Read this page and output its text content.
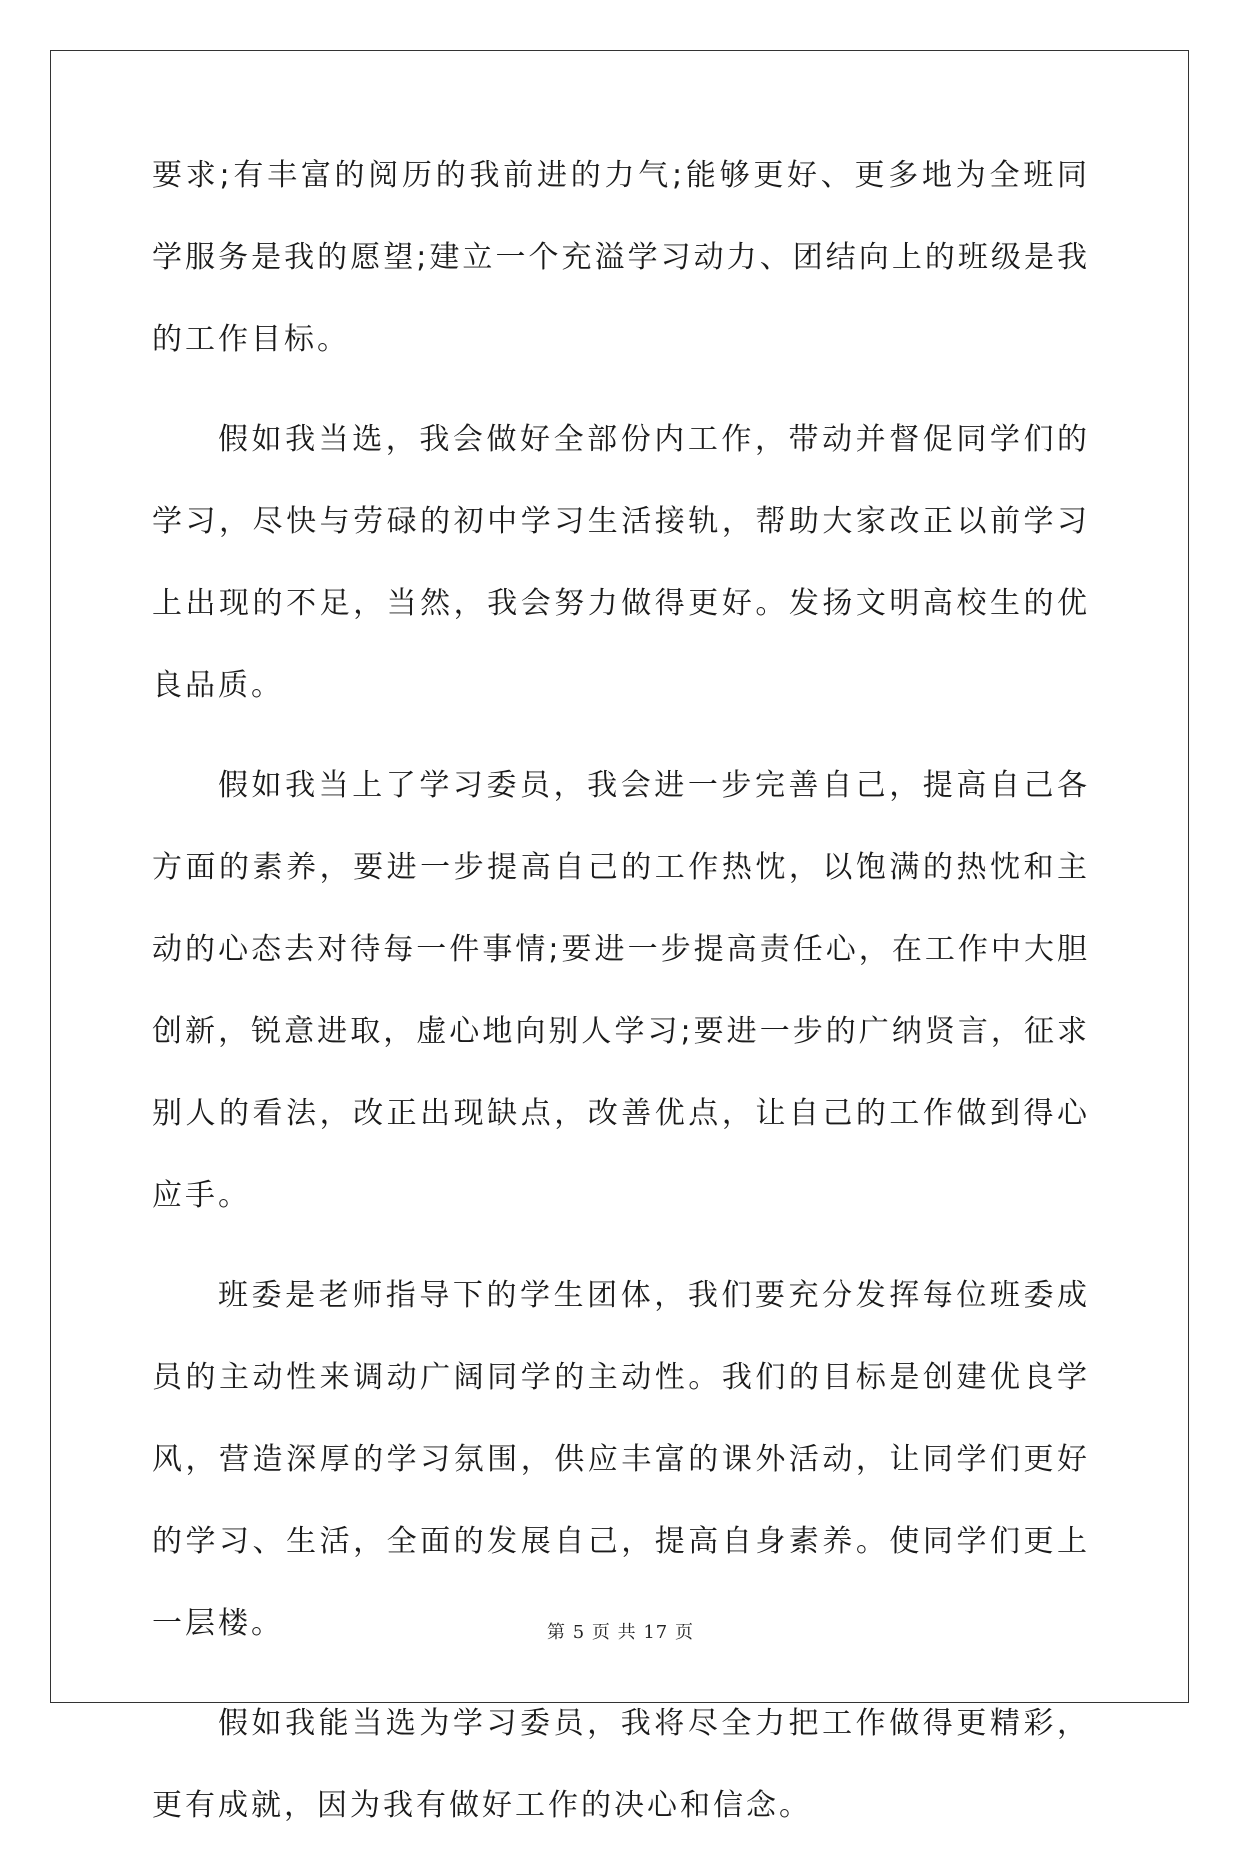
要求;有丰富的阅历的我前进的力气;能够更好、更多地为全班同学服务是我的愿望;建立一个充溢学习动力、团结向上的班级是我的工作目标。

假如我当选，我会做好全部份内工作，带动并督促同学们的学习，尽快与劳碌的初中学习生活接轨，帮助大家改正以前学习上出现的不足，当然，我会努力做得更好。发扬文明高校生的优良品质。

假如我当上了学习委员，我会进一步完善自己，提高自己各方面的素养，要进一步提高自己的工作热忱，以饱满的热忱和主动的心态去对待每一件事情;要进一步提高责任心，在工作中大胆创新，锐意进取，虚心地向别人学习;要进一步的广纳贤言，征求别人的看法，改正出现缺点，改善优点，让自己的工作做到得心应手。

班委是老师指导下的学生团体，我们要充分发挥每位班委成员的主动性来调动广阔同学的主动性。我们的目标是创建优良学风，营造深厚的学习氛围，供应丰富的课外活动，让同学们更好的学习、生活，全面的发展自己，提高自身素养。使同学们更上一层楼。

假如我能当选为学习委员，我将尽全力把工作做得更精彩，更有成就，因为我有做好工作的决心和信念。

第 5 页 共 17 页
